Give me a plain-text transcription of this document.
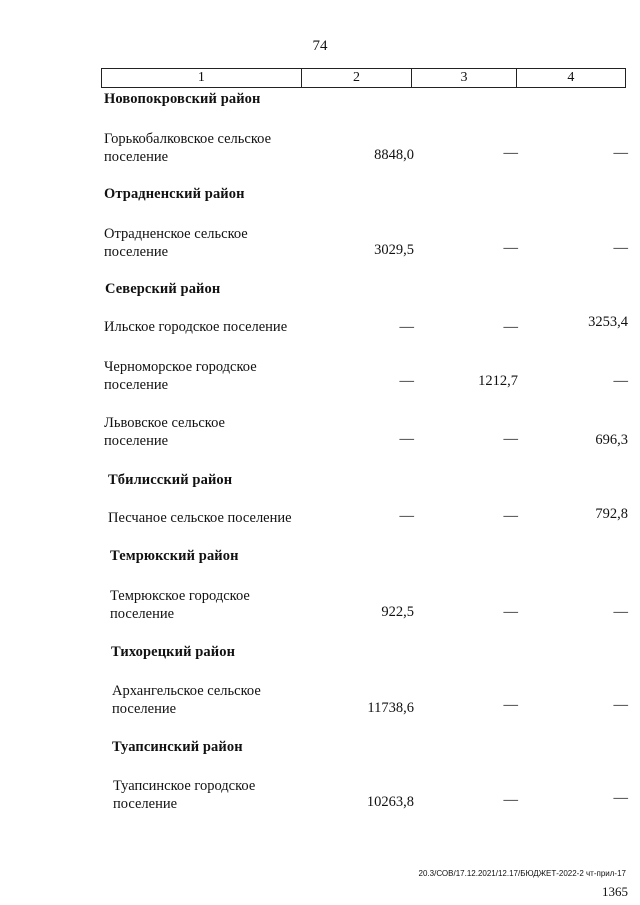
74
1	2	3	4
Новопокровский район
Горькобалковское сельское
поселение	8848,0	—	—
Отрадненский район
Отрадненское сельское
поселение	3029,5	—	—
Северский район
Ильское городское поселение	—	—	3253,4
Черноморское городское
поселение	—	1212,7	—
Львовское сельское
поселение	—	—	696,3
Тбилисский район
Песчаное сельское поселение	—	—	792,8
Темрюкский район
Темрюкское городское
поселение	922,5	—	—
Тихорецкий район
Архангельское сельское
поселение	11738,6	—	—
Туапсинский район
Туапсинское городское
поселение	10263,8	—	—
20.3/СОВ/17.12.2021/12.17/БЮДЖЕТ-2022-2 чт-прил-17
1365
